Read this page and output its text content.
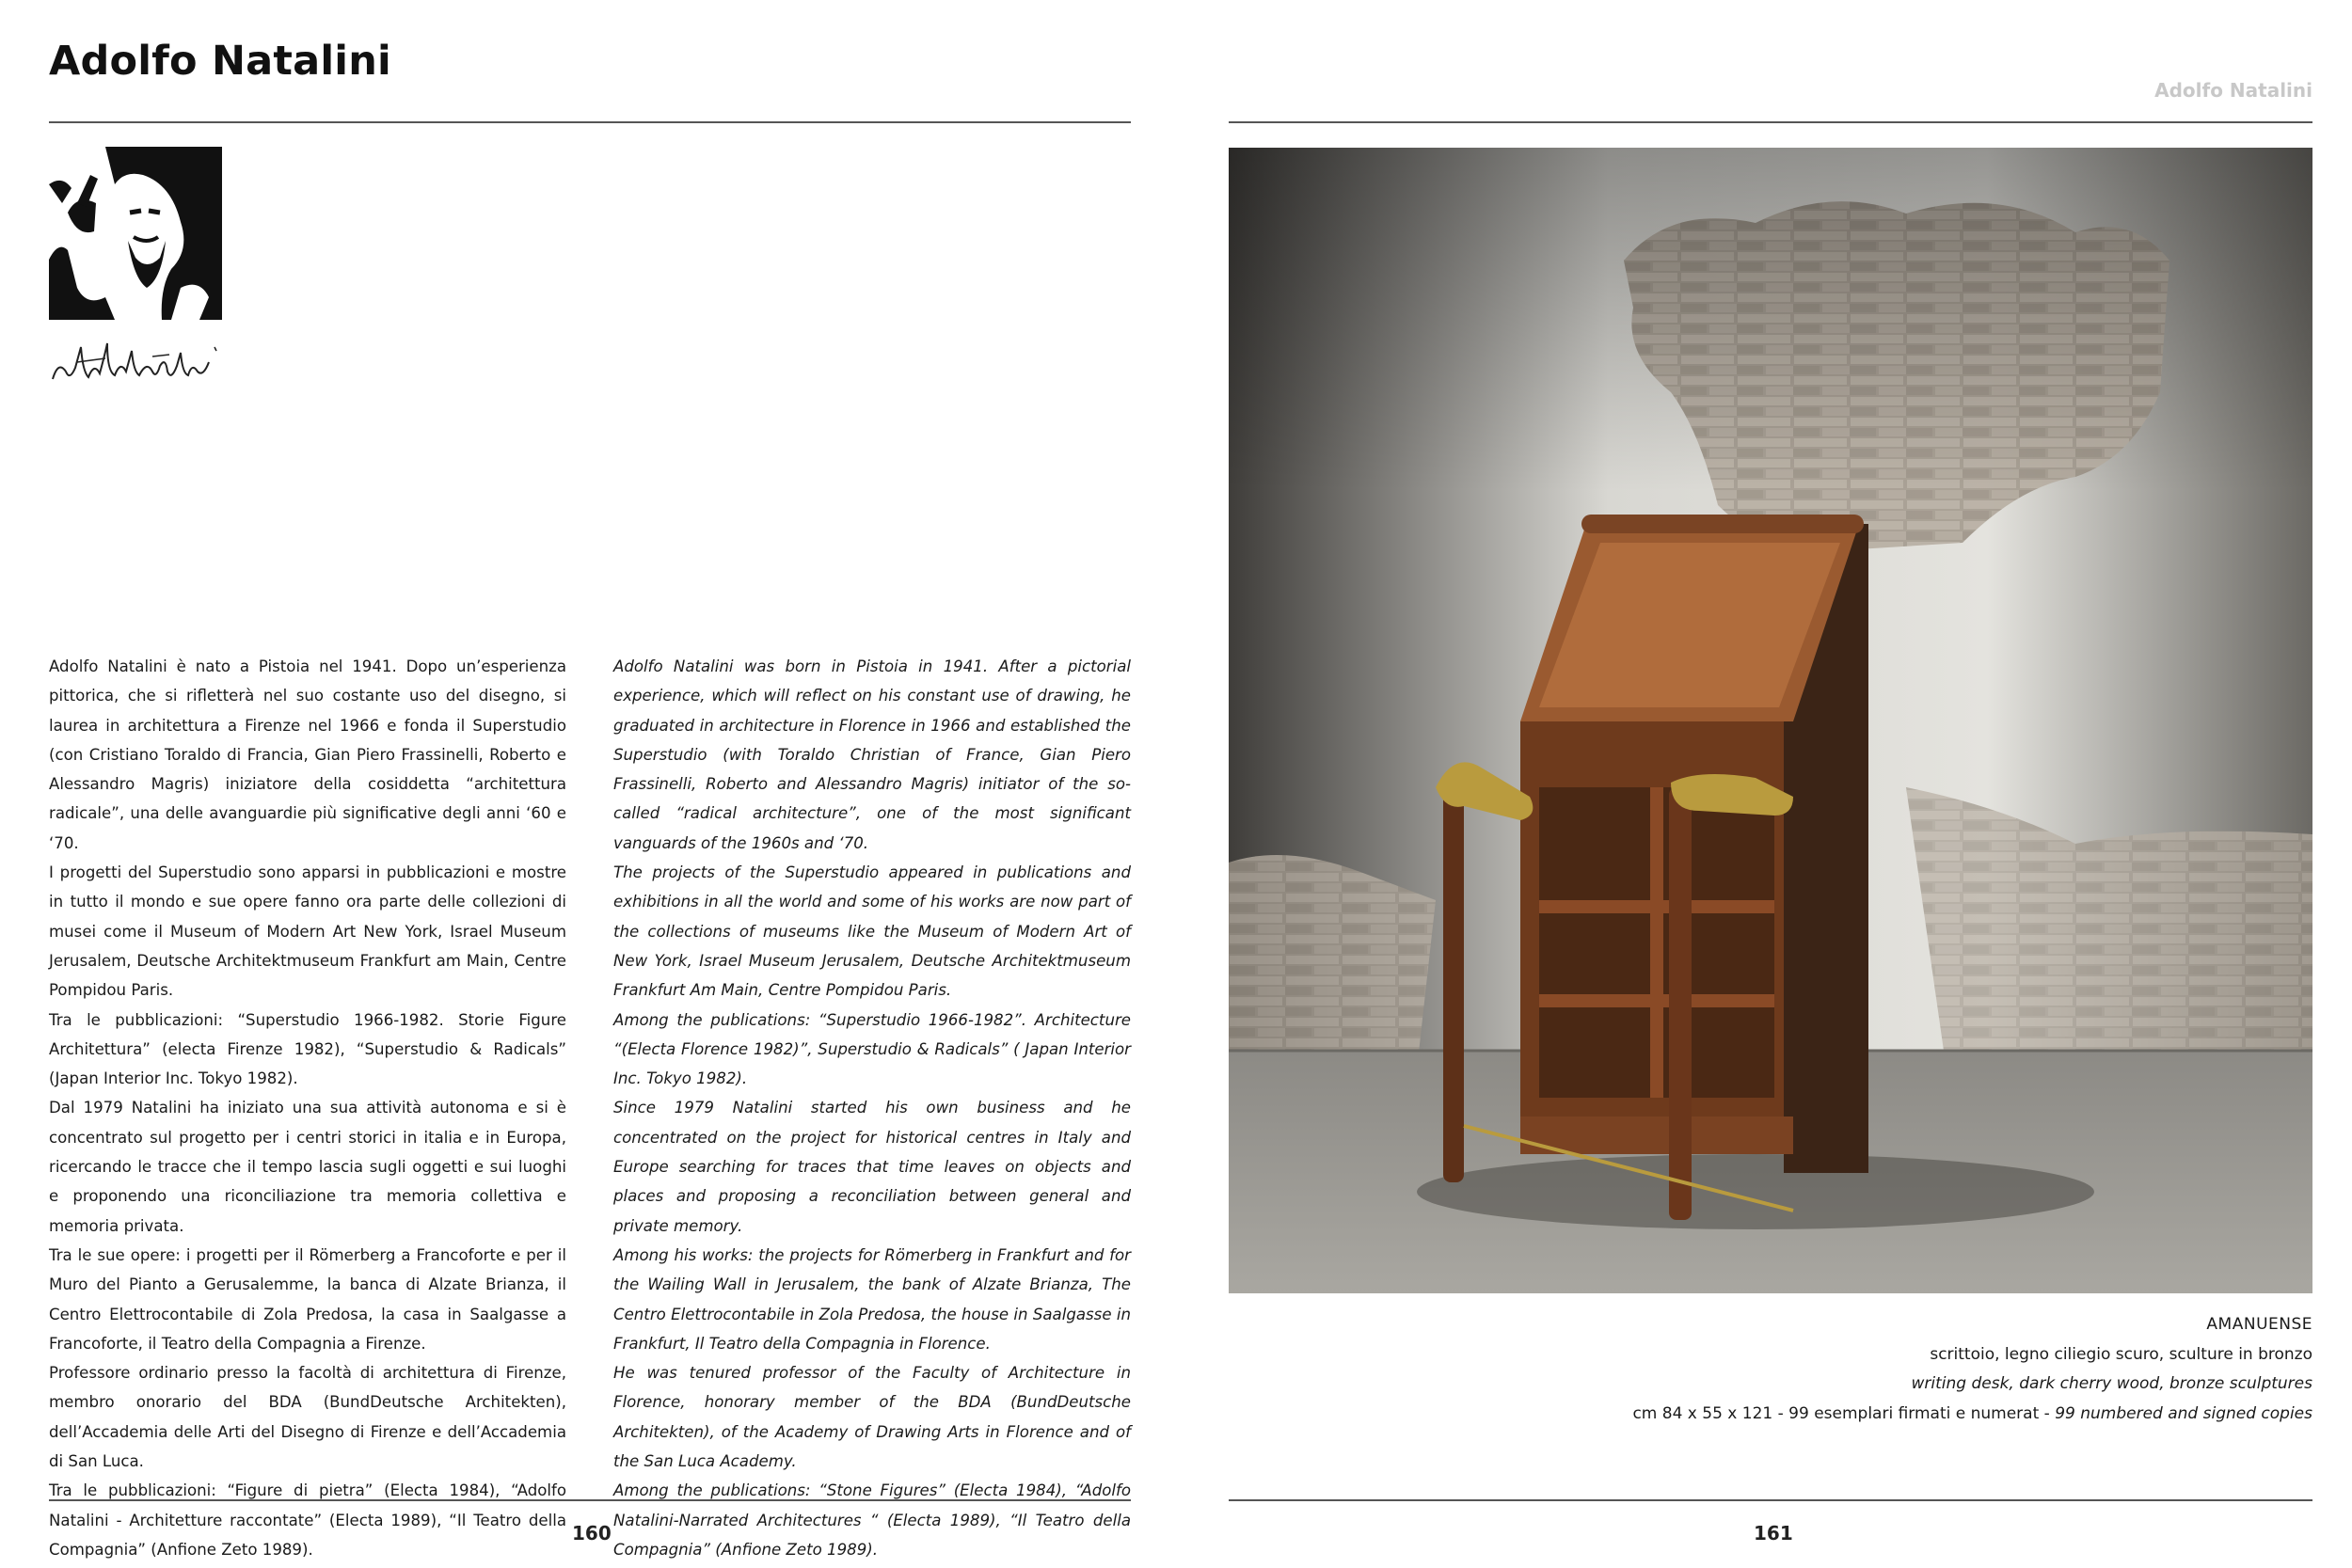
Adolfo Natalini

Adolfo Natalini è nato a Pistoia nel 1941. Dopo un’esperienza pittorica, che si rifletterà nel suo costante uso del disegno, si laurea in architettura a Firenze nel 1966 e fonda il Superstudio (con Cristiano Toraldo di Francia, Gian Piero Frassinelli, Roberto e Alessandro Magris) iniziatore della cosiddetta “architettura radicale”, una delle avanguardie più significative degli anni ‘60 e ‘70.

I progetti del Superstudio sono apparsi in pubblicazioni e mostre in tutto il mondo e sue opere fanno ora parte delle collezioni di musei come il Museum of Modern Art New York, Israel Museum Jerusalem, Deutsche Architektmuseum Frankfurt am Main, Centre Pompidou Paris.

Tra le pubblicazioni: “Superstudio 1966-1982. Storie Figure Architettura” (electa Firenze 1982), “Superstudio & Radicals” (Japan Interior Inc. Tokyo 1982).

Dal 1979 Natalini ha iniziato una sua attività autonoma e si è concentrato sul progetto per i centri storici in italia e in Europa, ricercando le tracce che il tempo lascia sugli oggetti e sui luoghi e proponendo una riconciliazione tra memoria collettiva e memoria privata.

Tra le sue opere: i progetti per il Römerberg a Francoforte e per il Muro del Pianto a Gerusalemme, la banca di Alzate Brianza, il Centro Elettrocontabile di Zola Predosa, la casa in Saalgasse a Francoforte, il Teatro della Compagnia a Firenze.

Professore ordinario presso la facoltà di architettura di Firenze, membro onorario del BDA (BundDeutsche Architekten), dell’Accademia delle Arti del Disegno di Firenze e dell’Accademia di San Luca.

Tra le pubblicazioni: “Figure di pietra” (Electa 1984), “Adolfo Natalini - Architetture raccontate” (Electa 1989), “Il Teatro della Compagnia” (Anfione Zeto 1989).

Adolfo Natalini was born in Pistoia in 1941. After a pictorial experience, which will reflect on his constant use of drawing, he graduated in architecture in Florence in 1966 and established the Superstudio (with Toraldo Christian of France, Gian Piero Frassinelli, Roberto and Alessandro Magris) initiator of the so-called “radical architecture”, one of the most significant vanguards of the 1960s and ‘70.

The projects of the Superstudio appeared in publications and exhibitions in all the world and some of his works are now part of the collections of museums like the Museum of Modern Art of New York, Israel Museum Jerusalem, Deutsche Architektmuseum Frankfurt Am Main, Centre Pompidou Paris.

Among the publications: “Superstudio 1966-1982”. Architecture “(Electa Florence 1982)”, Superstudio & Radicals” ( Japan Interior Inc. Tokyo 1982).

Since 1979 Natalini started his own business and he concentrated on the project for historical centres in Italy and Europe searching for traces that time leaves on objects and places and proposing a reconciliation between general and private memory.

Among his works: the projects for Römerberg in Frankfurt and for the Wailing Wall in Jerusalem, the bank of Alzate Brianza, The Centro Elettrocontabile in Zola Predosa, the house in Saalgasse in Frankfurt, Il Teatro della Compagnia in Florence.

He was tenured professor of the Faculty of Architecture in Florence, honorary member of the BDA (BundDeutsche Architekten), of the Academy of Drawing Arts in Florence and of the San Luca Academy.

Among the publications: “Stone Figures” (Electa 1984), “Adolfo Natalini-Narrated Architectures “ (Electa 1989), “Il Teatro della Compagnia” (Anfione Zeto 1989).

160
Adolfo Natalini
AMANUENSE
scrittoio, legno ciliegio scuro, sculture in bronzo
writing desk, dark cherry wood, bronze sculptures
cm 84 x 55 x 121 - 99 esemplari firmati e numerat - 99 numbered and signed copies
161
